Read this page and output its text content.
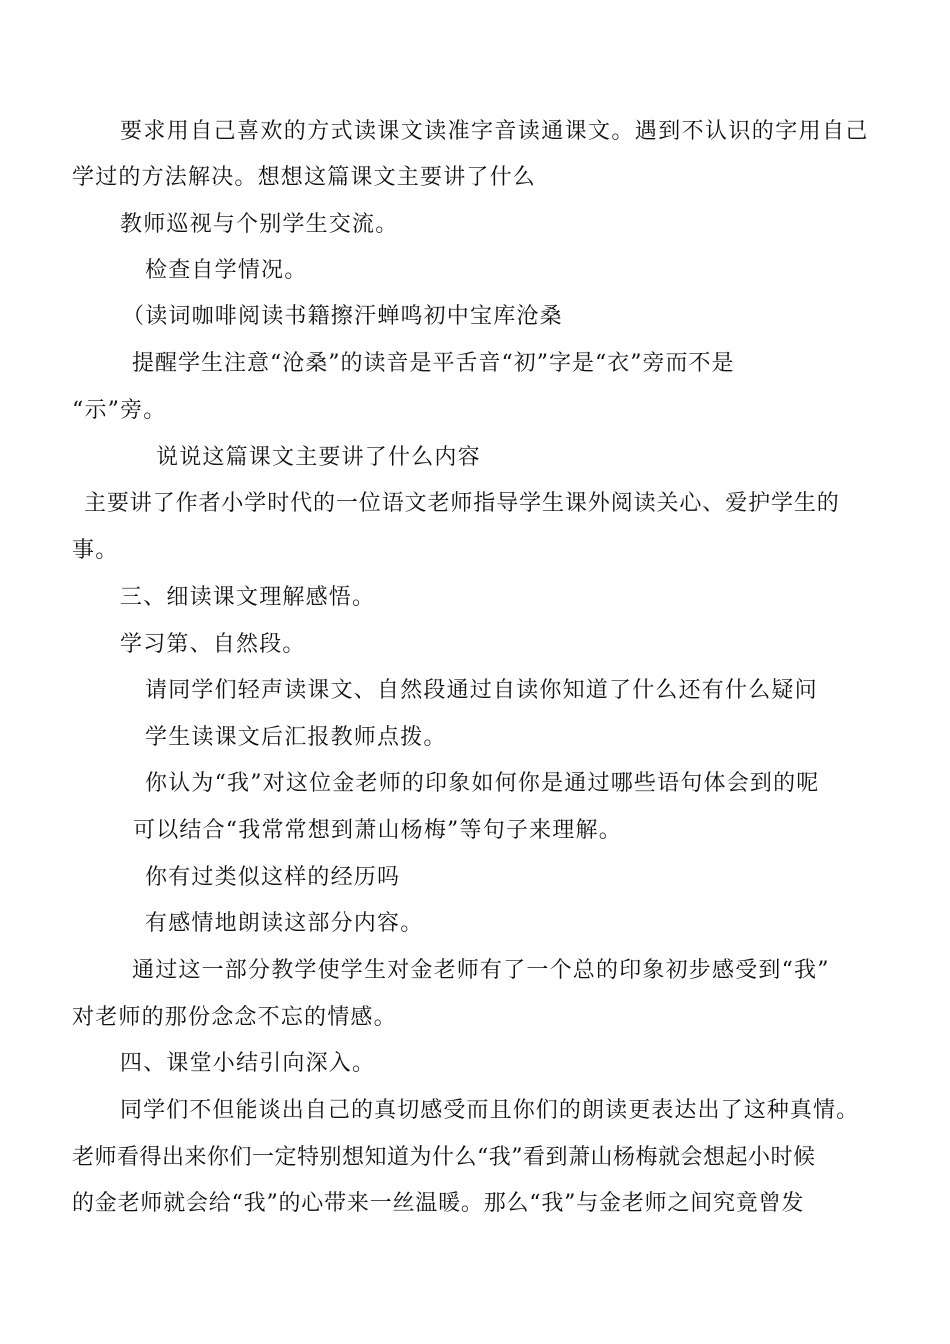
要求用自己喜欢的方式读课文读准字音读通课文。遇到不认识的字用自己
学过的方法解决。想想这篇课文主要讲了什么
教师巡视与个别学生交流。
检查自学情况。
（读词咖啡阅读书籍擦汗蝉鸣初中宝库沧桑
提醒学生注意“沧桑”的读音是平舌音“初”字是“衣”旁而不是
“示”旁。
说说这篇课文主要讲了什么内容
主要讲了作者小学时代的一位语文老师指导学生课外阅读关心、爱护学生的
事。
三、细读课文理解感悟。
学习第、自然段。
请同学们轻声读课文、自然段通过自读你知道了什么还有什么疑问
学生读课文后汇报教师点拨。
你认为“我”对这位金老师的印象如何你是通过哪些语句体会到的呢
可以结合“我常常想到萧山杨梅”等句子来理解。
你有过类似这样的经历吗
有感情地朗读这部分内容。
通过这一部分教学使学生对金老师有了一个总的印象初步感受到“我”
对老师的那份念念不忘的情感。
四、课堂小结引向深入。
同学们不但能谈出自己的真切感受而且你们的朗读更表达出了这种真情。
老师看得出来你们一定特别想知道为什么“我”看到萧山杨梅就会想起小时候
的金老师就会给“我”的心带来一丝温暖。那么“我”与金老师之间究竟曾发
